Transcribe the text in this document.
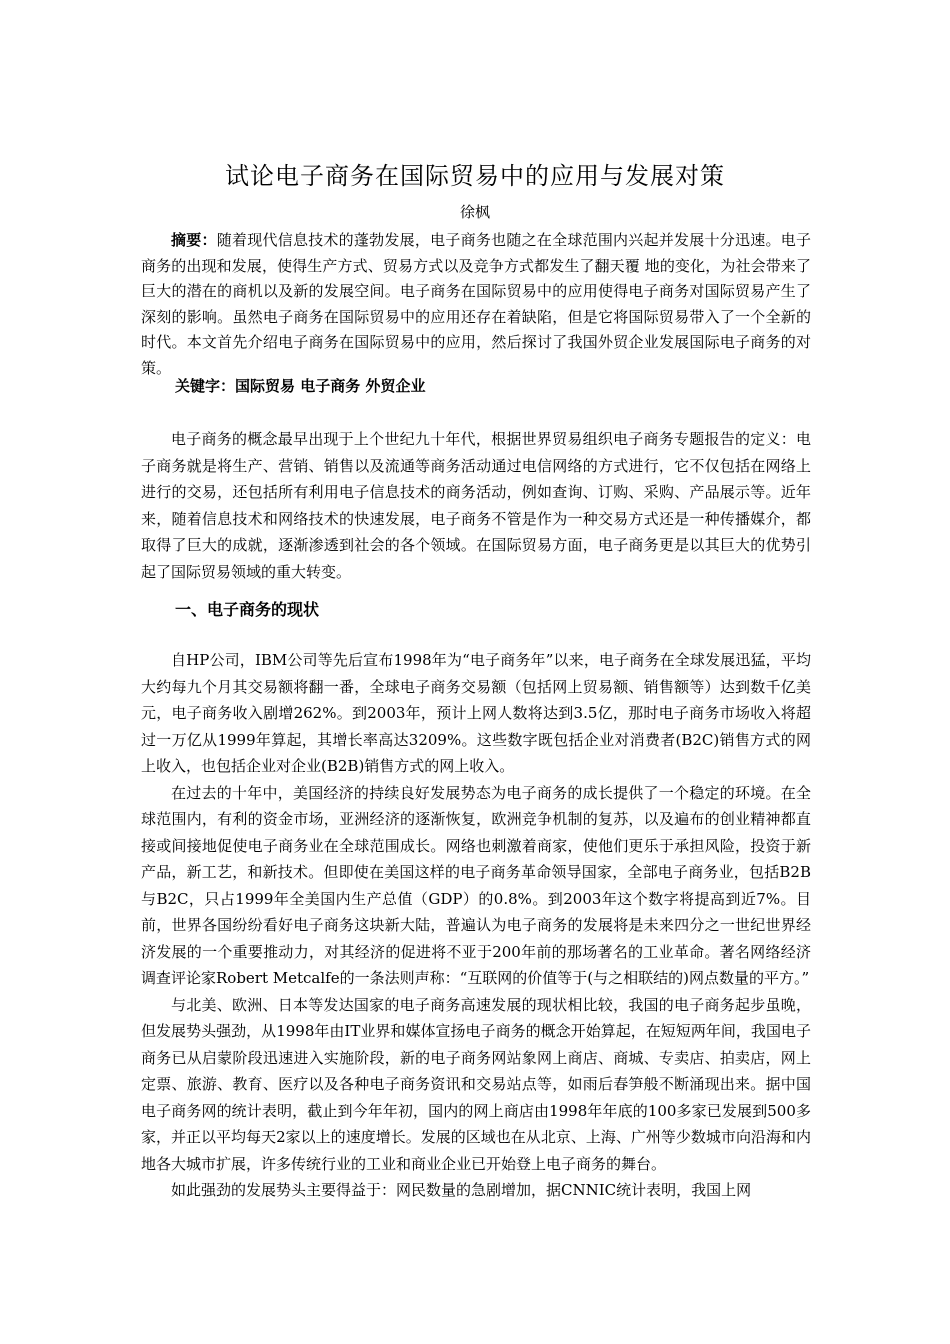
试论电子商务在国际贸易中的应用与发展对策
徐枫
摘要：随着现代信息技术的蓬勃发展，电子商务也随之在全球范围内兴起并发展十分迅速。电子商务的出现和发展，使得生产方式、贸易方式以及竞争方式都发生了翻天覆 地的变化，为社会带来了巨大的潜在的商机以及新的发展空间。电子商务在国际贸易中的应用使得电子商务对国际贸易产生了深刻的影响。虽然电子商务在国际贸易中的应用还存在着缺陷，但是它将国际贸易带入了一个全新的时代。本文首先介绍电子商务在国际贸易中的应用，然后探讨了我国外贸企业发展国际电子商务的对策。
关键字：国际贸易 电子商务 外贸企业

电子商务的概念最早出现于上个世纪九十年代，根据世界贸易组织电子商务专题报告的定义：电子商务就是将生产、营销、销售以及流通等商务活动通过电信网络的方式进行，它不仅包括在网络上进行的交易，还包括所有利用电子信息技术的商务活动，例如查询、订购、采购、产品展示等。近年来，随着信息技术和网络技术的快速发展，电子商务不管是作为一种交易方式还是一种传播媒介，都取得了巨大的成就，逐渐渗透到社会的各个领域。在国际贸易方面，电子商务更是以其巨大的优势引起了国际贸易领域的重大转变。

一、电子商务的现状

自HP公司，IBM公司等先后宣布1998年为“电子商务年”以来，电子商务在全球发展迅猛，平均大约每九个月其交易额将翻一番，全球电子商务交易额（包括网上贸易额、销售额等）达到数千亿美元，电子商务收入剧增262%。到2003年，预计上网人数将达到3.5亿，那时电子商务市场收入将超过一万亿从1999年算起，其增长率高达3209%。这些数字既包括企业对消费者(B2C)销售方式的网上收入，也包括企业对企业(B2B)销售方式的网上收入。

在过去的十年中，美国经济的持续良好发展势态为电子商务的成长提供了一个稳定的环境。在全球范围内，有利的资金市场，亚洲经济的逐渐恢复，欧洲竞争机制的复苏，以及遍布的创业精神都直接或间接地促使电子商务业在全球范围成长。网络也刺激着商家，使他们更乐于承担风险，投资于新产品，新工艺，和新技术。但即使在美国这样的电子商务革命领导国家，全部电子商务业，包括B2B与B2C，只占1999年全美国内生产总值（GDP）的0.8%。到2003年这个数字将提高到近7%。目前，世界各国纷纷看好电子商务这块新大陆，普遍认为电子商务的发展将是未来四分之一世纪世界经济发展的一个重要推动力，对其经济的促进将不亚于200年前的那场著名的工业革命。著名网络经济调查评论家Robert Metcalfe的一条法则声称：“互联网的价值等于(与之相联结的)网点数量的平方。”

与北美、欧洲、日本等发达国家的电子商务高速发展的现状相比较，我国的电子商务起步虽晚，但发展势头强劲，从1998年由IT业界和媒体宣扬电子商务的概念开始算起，在短短两年间，我国电子商务已从启蒙阶段迅速进入实施阶段，新的电子商务网站象网上商店、商城、专卖店、拍卖店，网上定票、旅游、教育、医疗以及各种电子商务资讯和交易站点等，如雨后春笋般不断涌现出来。据中国电子商务网的统计表明，截止到今年年初，国内的网上商店由1998年年底的100多家已发展到500多家，并正以平均每天2家以上的速度增长。发展的区域也在从北京、上海、广州等少数城市向沿海和内地各大城市扩展，许多传统行业的工业和商业企业已开始登上电子商务的舞台。

如此强劲的发展势头主要得益于：网民数量的急剧增加，据CNNIC统计表明，我国上网
